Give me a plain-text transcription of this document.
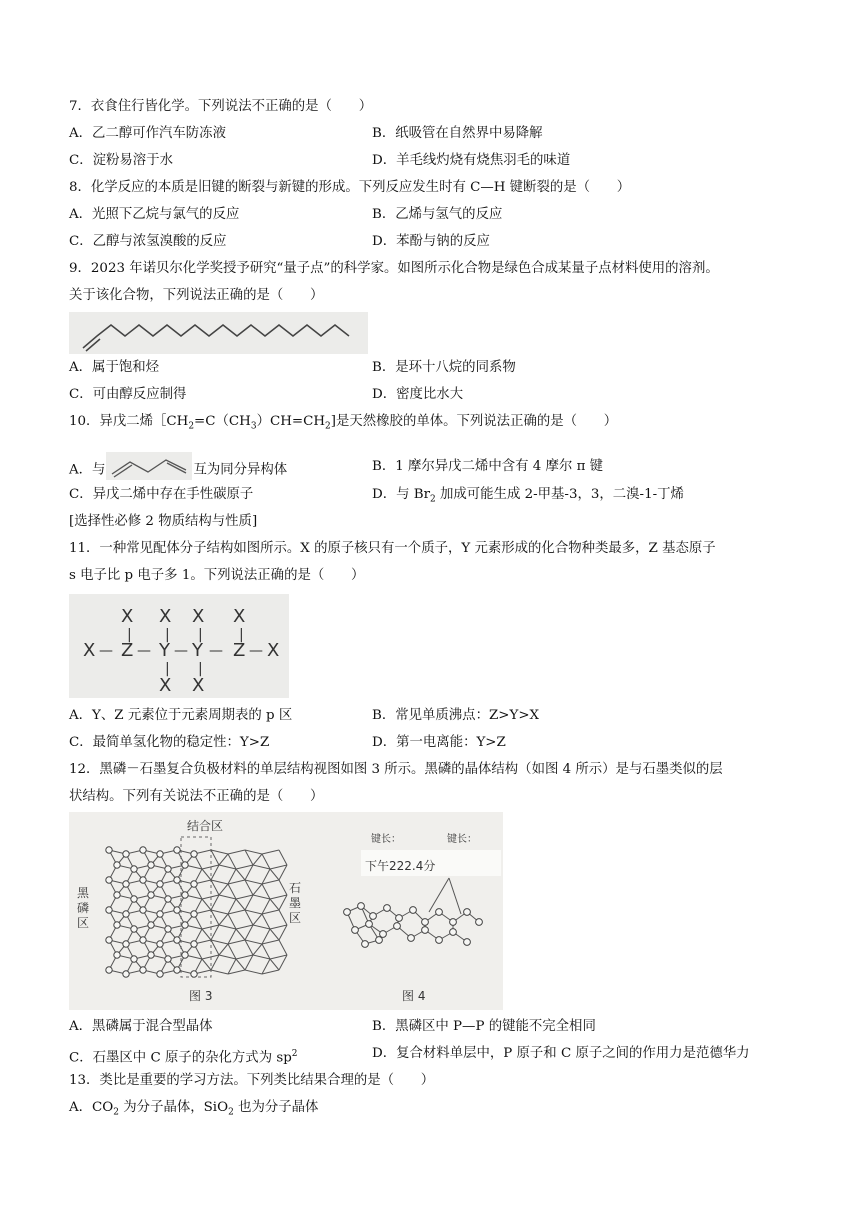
7．衣食住行皆化学。下列说法不正确的是（　　）
A．乙二醇可作汽车防冻液	B．纸吸管在自然界中易降解
C．淀粉易溶于水	D．羊毛线灼烧有烧焦羽毛的味道
8．化学反应的本质是旧键的断裂与新键的形成。下列反应发生时有 C—H 键断裂的是（　　）
A．光照下乙烷与氯气的反应	B．乙烯与氢气的反应
C．乙醇与浓氢溴酸的反应	D．苯酚与钠的反应
9．2023 年诺贝尔化学奖授予研究“量子点”的科学家。如图所示化合物是绿色合成某量子点材料使用的溶剂。
关于该化合物，下列说法正确的是（　　）
A．属于饱和烃	B．是环十八烷的同系物
C．可由醇反应制得	D．密度比水大
10．异戊二烯$[CH_2=C(CH_3)CH=CH_2$]是天然橡胶的单体。下列说法正确的是（　　）
A．与	互为同分异构体	B．1 摩尔异戊二烯中含有 4 摩尔 π 键
C．异戊二烯中存在手性碳原子	D．与 $Br_2$ 加成可能生成 2-甲基-3，3，二溴-1-丁烯
[选择性必修 2 物质结构与性质]
11．一种常见配体分子结构如图所示。X 的原子核只有一个质子，Y 元素形成的化合物种类最多，Z 基态原子
s 电子比 p 电子多 1。下列说法正确的是（　　）
X X X X
| | |	|
X — Z — Y — Y — Z — X
| |
X X
A．Y、Z 元素位于元素周期表的 p 区	B．常见单质沸点：Z>Y>X
C．最简单氢化物的稳定性：Y>Z	D．第一电离能：Y>Z
12．黑磷－石墨复合负极材料的单层结构视图如图 3 所示。黑磷的晶体结构（如图 4 所示）是与石墨类似的层
状结构。下列有关说法不正确的是（　　）
结合区
黑磷区
石墨区
图 3
键长：	键长：
下午222.4分
图 4
A．黑磷属于混合型晶体	B．黑磷区中 P—P 的键能不完全相同
C．石墨区中 C 原子的杂化方式为 $sp^2$	D．复合材料单层中，P 原子和 C 原子之间的作用力是范德华力
13．类比是重要的学习方法。下列类比结果合理的是（　　）
A．$CO_2$ 为分子晶体，SiO$_2$ 也为分子晶体
